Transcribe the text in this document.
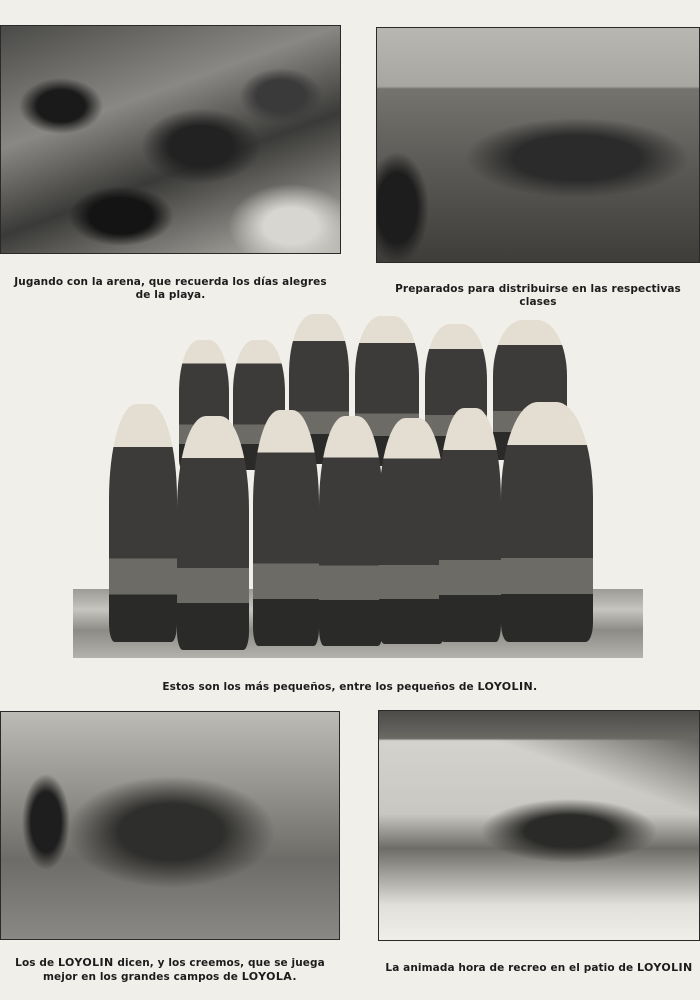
Jugando con la arena, que recuerda los días alegres
de la playa.	Preparados para distribuirse en las respectivas clases
Estos son los más pequeños, entre los pequeños de LOYOLIN.
Los de LOYOLIN dicen, y los creemos, que se juega
mejor en los grandes campos de LOYOLA.
La animada hora de recreo en el patio de LOYOLIN
